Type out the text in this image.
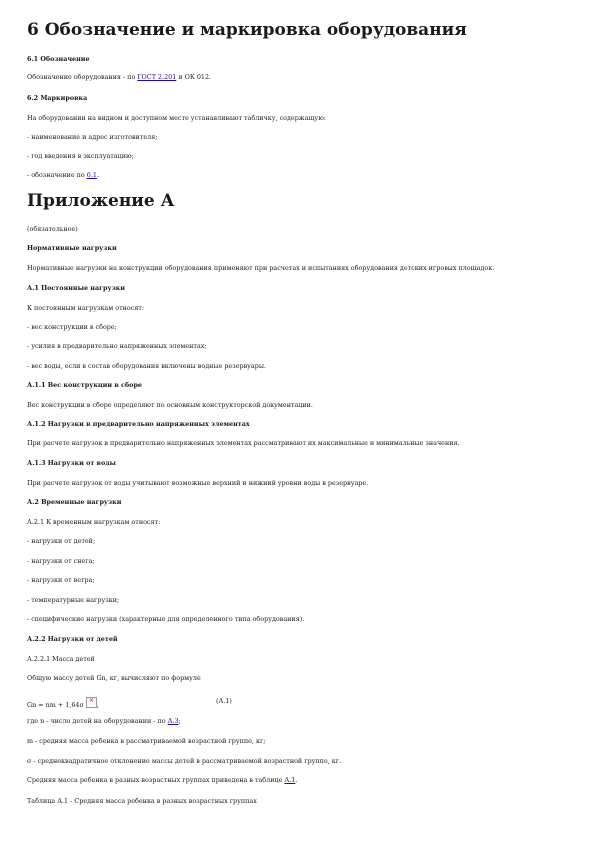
6 Обозначение и маркировка оборудования
6.1 Обозначение
Обозначение оборудования - по ГОСТ 2.201 и ОК 012.
6.2 Маркировка
На оборудовании на видном и доступном месте устанавливают табличку, содержащую:
- наименование и адрес изготовителя;
- год введения в эксплуатацию;
- обозначение по 6.1.
Приложение А
(обязательное)
Нормативные нагрузки
Нормативные нагрузки на конструкции оборудования применяют при расчетах и испытаниях оборудования детских игровых площадок.
А.1 Постоянные нагрузки
К постоянным нагрузкам относят:
- вес конструкции в сборе;
- усилия в предварительно напряженных элементах;
- вес воды, если в состав оборудования включены водные резервуары.
А.1.1 Вес конструкции в сборе
Вес конструкции в сборе определяют по основным конструкторской документации.
А.1.2 Нагрузки в предварительно напряженных элементах
При расчете нагрузок в предварительно напряженных элементах рассматривают их максимальные и минимальные значения.
А.1.3 Нагрузки от воды
При расчете нагрузок от воды учитывают возможные верхний и нижний уровни воды в резервуаре.
А.2 Временные нагрузки
А.2.1 К временным нагрузкам относят:
- нагрузки от детей;
- нагрузки от снега;
- нагрузки от ветра;
- температурные нагрузки;
- специфические нагрузки (характерные для определенного типа оборудования).
А.2.2 Нагрузки от детей
А.2.2.1 Масса детей
Общую массу детей Gn, кг, вычисляют по формуле
Gn = nm + 1,64σ
×
,	(А.1)
где n - число детей на оборудовании - по А.3;
m - средняя масса ребенка в рассматриваемой возрастной группе, кг;
σ - среднеквадратичное отклонение массы детей в рассматриваемой возрастной группе, кг.
Средняя масса ребенка в разных возрастных группах приведена в таблице А.1.
Таблица А.1 - Средняя масса ребенка в разных возрастных группах
